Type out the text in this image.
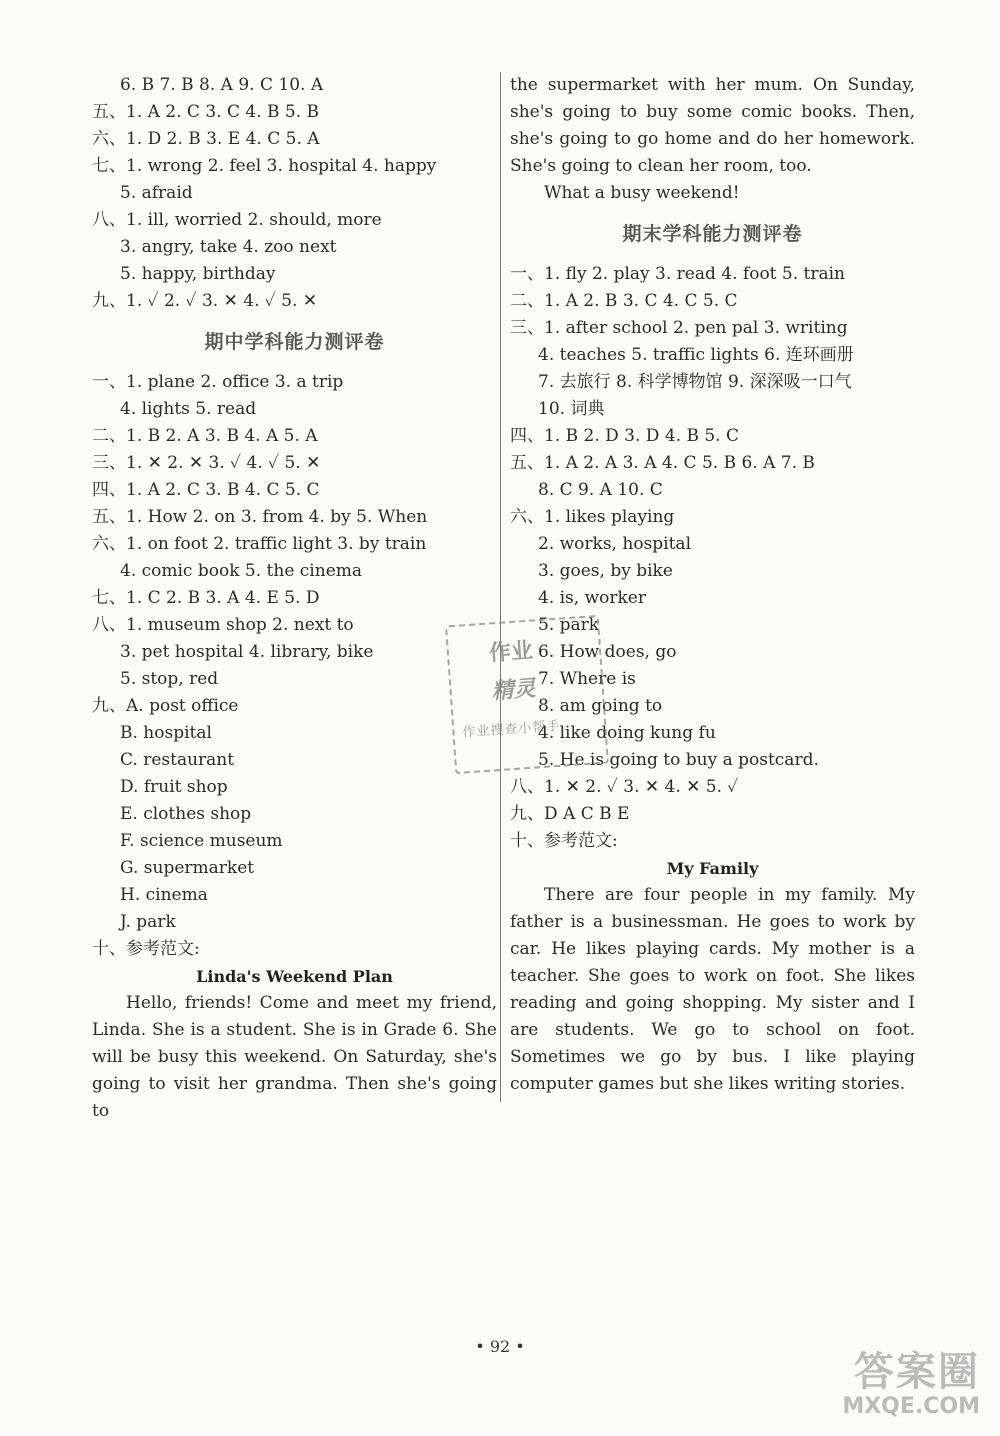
6. B 7. B 8. A 9. C 10. A
五、1. A 2. C 3. C 4. B 5. B
六、1. D 2. B 3. E 4. C 5. A
七、1. wrong 2. feel 3. hospital 4. happy
5. afraid
八、1. ill, worried 2. should, more
3. angry, take 4. zoo next
5. happy, birthday
九、1. ✓ 2. ✓ 3. ✕ 4. ✓ 5. ✕
期中学科能力测评卷
一、1. plane 2. office 3. a trip
4. lights 5. read
二、1. B 2. A 3. B 4. A 5. A
三、1. ✕ 2. ✕ 3. ✓ 4. ✓ 5. ✕
四、1. A 2. C 3. B 4. C 5. C
五、1. How 2. on 3. from 4. by 5. When
六、1. on foot 2. traffic light 3. by train
4. comic book 5. the cinema
七、1. C 2. B 3. A 4. E 5. D
八、1. museum shop 2. next to
3. pet hospital 4. library, bike
5. stop, red
九、A. post office
B. hospital
C. restaurant
D. fruit shop
E. clothes shop
F. science museum
G. supermarket
H. cinema
J. park
十、参考范文:
Linda's Weekend Plan
Hello, friends! Come and meet my friend, Linda. She is a student. She is in Grade 6. She will be busy this weekend. On Saturday, she's going to visit her grandma. Then she's going to
the supermarket with her mum. On Sunday, she's going to buy some comic books. Then, she's going to go home and do her homework. She's going to clean her room, too.
What a busy weekend!
期末学科能力测评卷
一、1. fly 2. play 3. read 4. foot 5. train
二、1. A 2. B 3. C 4. C 5. C
三、1. after school 2. pen pal 3. writing
4. teaches 5. traffic lights 6. 连环画册
7. 去旅行 8. 科学博物馆 9. 深深吸一口气
10. 词典
四、1. B 2. D 3. D 4. B 5. C
五、1. A 2. A 3. A 4. C 5. B 6. A 7. B
8. C 9. A 10. C
六、1. likes playing
2. works, hospital
3. goes, by bike
4. is, worker
5. park
6. How does, go
7. Where is
8. am going to
4. like doing kung fu
5. He is going to buy a postcard.
八、1. ✕ 2. ✓ 3. ✕ 4. ✕ 5. ✓
九、D A C B E
十、参考范文:
My Family
There are four people in my family. My father is a businessman. He goes to work by car. He likes playing cards. My mother is a teacher. She goes to work on foot. She likes reading and going shopping. My sister and I are students. We go to school on foot. Sometimes we go by bus. I like playing computer games but she likes writing stories.
作业
精灵
作业搜查小帮手
• 92 •
答案圈
MXQE.COM
